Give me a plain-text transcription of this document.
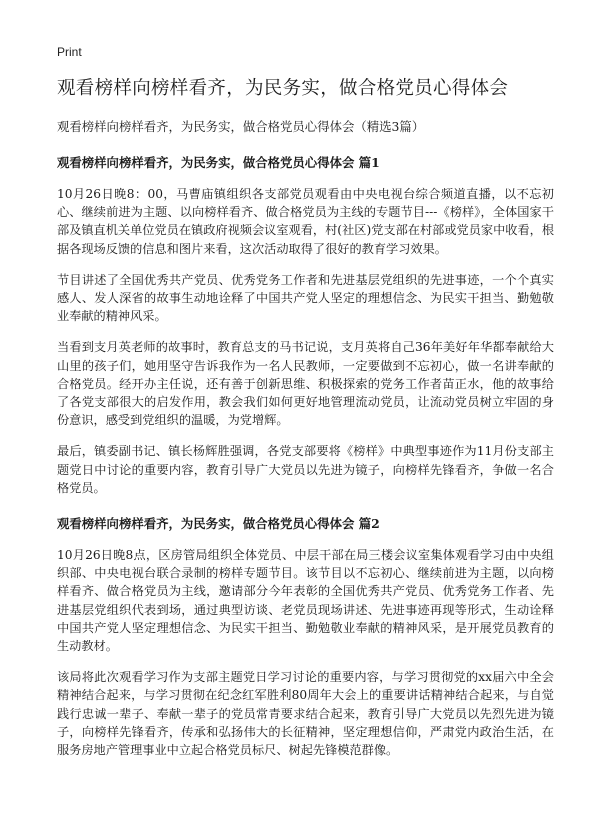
Print
观看榜样向榜样看齐，为民务实，做合格党员心得体会

观看榜样向榜样看齐，为民务实，做合格党员心得体会（精选3篇）

观看榜样向榜样看齐，为民务实，做合格党员心得体会 篇1

10月26日晚8：00，马曹庙镇组织各支部党员观看由中央电视台综合频道直播，以不忘初心、继续前进为主题、以向榜样看齐、做合格党员为主线的专题节目---《榜样》，全体国家干部及镇直机关单位党员在镇政府视频会议室观看，村(社区)党支部在村部或党员家中收看，根据各现场反馈的信息和图片来看，这次活动取得了很好的教育学习效果。

节目讲述了全国优秀共产党员、优秀党务工作者和先进基层党组织的先进事迹，一个个真实感人、发人深省的故事生动地诠释了中国共产党人坚定的理想信念、为民实干担当、勤勉敬业奉献的精神风采。

当看到支月英老师的故事时，教育总支的马书记说，支月英将自己36年美好年华都奉献给大山里的孩子们，她用坚守告诉我作为一名人民教师，一定要做到不忘初心，做一名讲奉献的合格党员。经开办主任说，还有善于创新思维、积极探索的党务工作者苗正水，他的故事给了各党支部很大的启发作用，教会我们如何更好地管理流动党员，让流动党员树立牢固的身份意识，感受到党组织的温暖，为党增辉。

最后，镇委副书记、镇长杨辉胜强调，各党支部要将《榜样》中典型事迹作为11月份支部主题党日中讨论的重要内容，教育引导广大党员以先进为镜子，向榜样先锋看齐，争做一名合格党员。

观看榜样向榜样看齐，为民务实，做合格党员心得体会 篇2

10月26日晚8点，区房管局组织全体党员、中层干部在局三楼会议室集体观看学习由中央组织部、中央电视台联合录制的榜样专题节目。该节目以不忘初心、继续前进为主题，以向榜样看齐、做合格党员为主线，邀请部分今年表彰的全国优秀共产党员、优秀党务工作者、先进基层党组织代表到场，通过典型访谈、老党员现场讲述、先进事迹再现等形式，生动诠释中国共产党人坚定理想信念、为民实干担当、勤勉敬业奉献的精神风采，是开展党员教育的生动教材。

该局将此次观看学习作为支部主题党日学习讨论的重要内容，与学习贯彻党的xx届六中全会精神结合起来，与学习贯彻在纪念红军胜利80周年大会上的重要讲话精神结合起来，与自觉践行忠诚一辈子、奉献一辈子的党员常青要求结合起来，教育引导广大党员以先烈先进为镜子，向榜样先锋看齐，传承和弘扬伟大的长征精神，坚定理想信仰，严肃党内政治生活，在服务房地产管理事业中立起合格党员标尺、树起先锋模范群像。
